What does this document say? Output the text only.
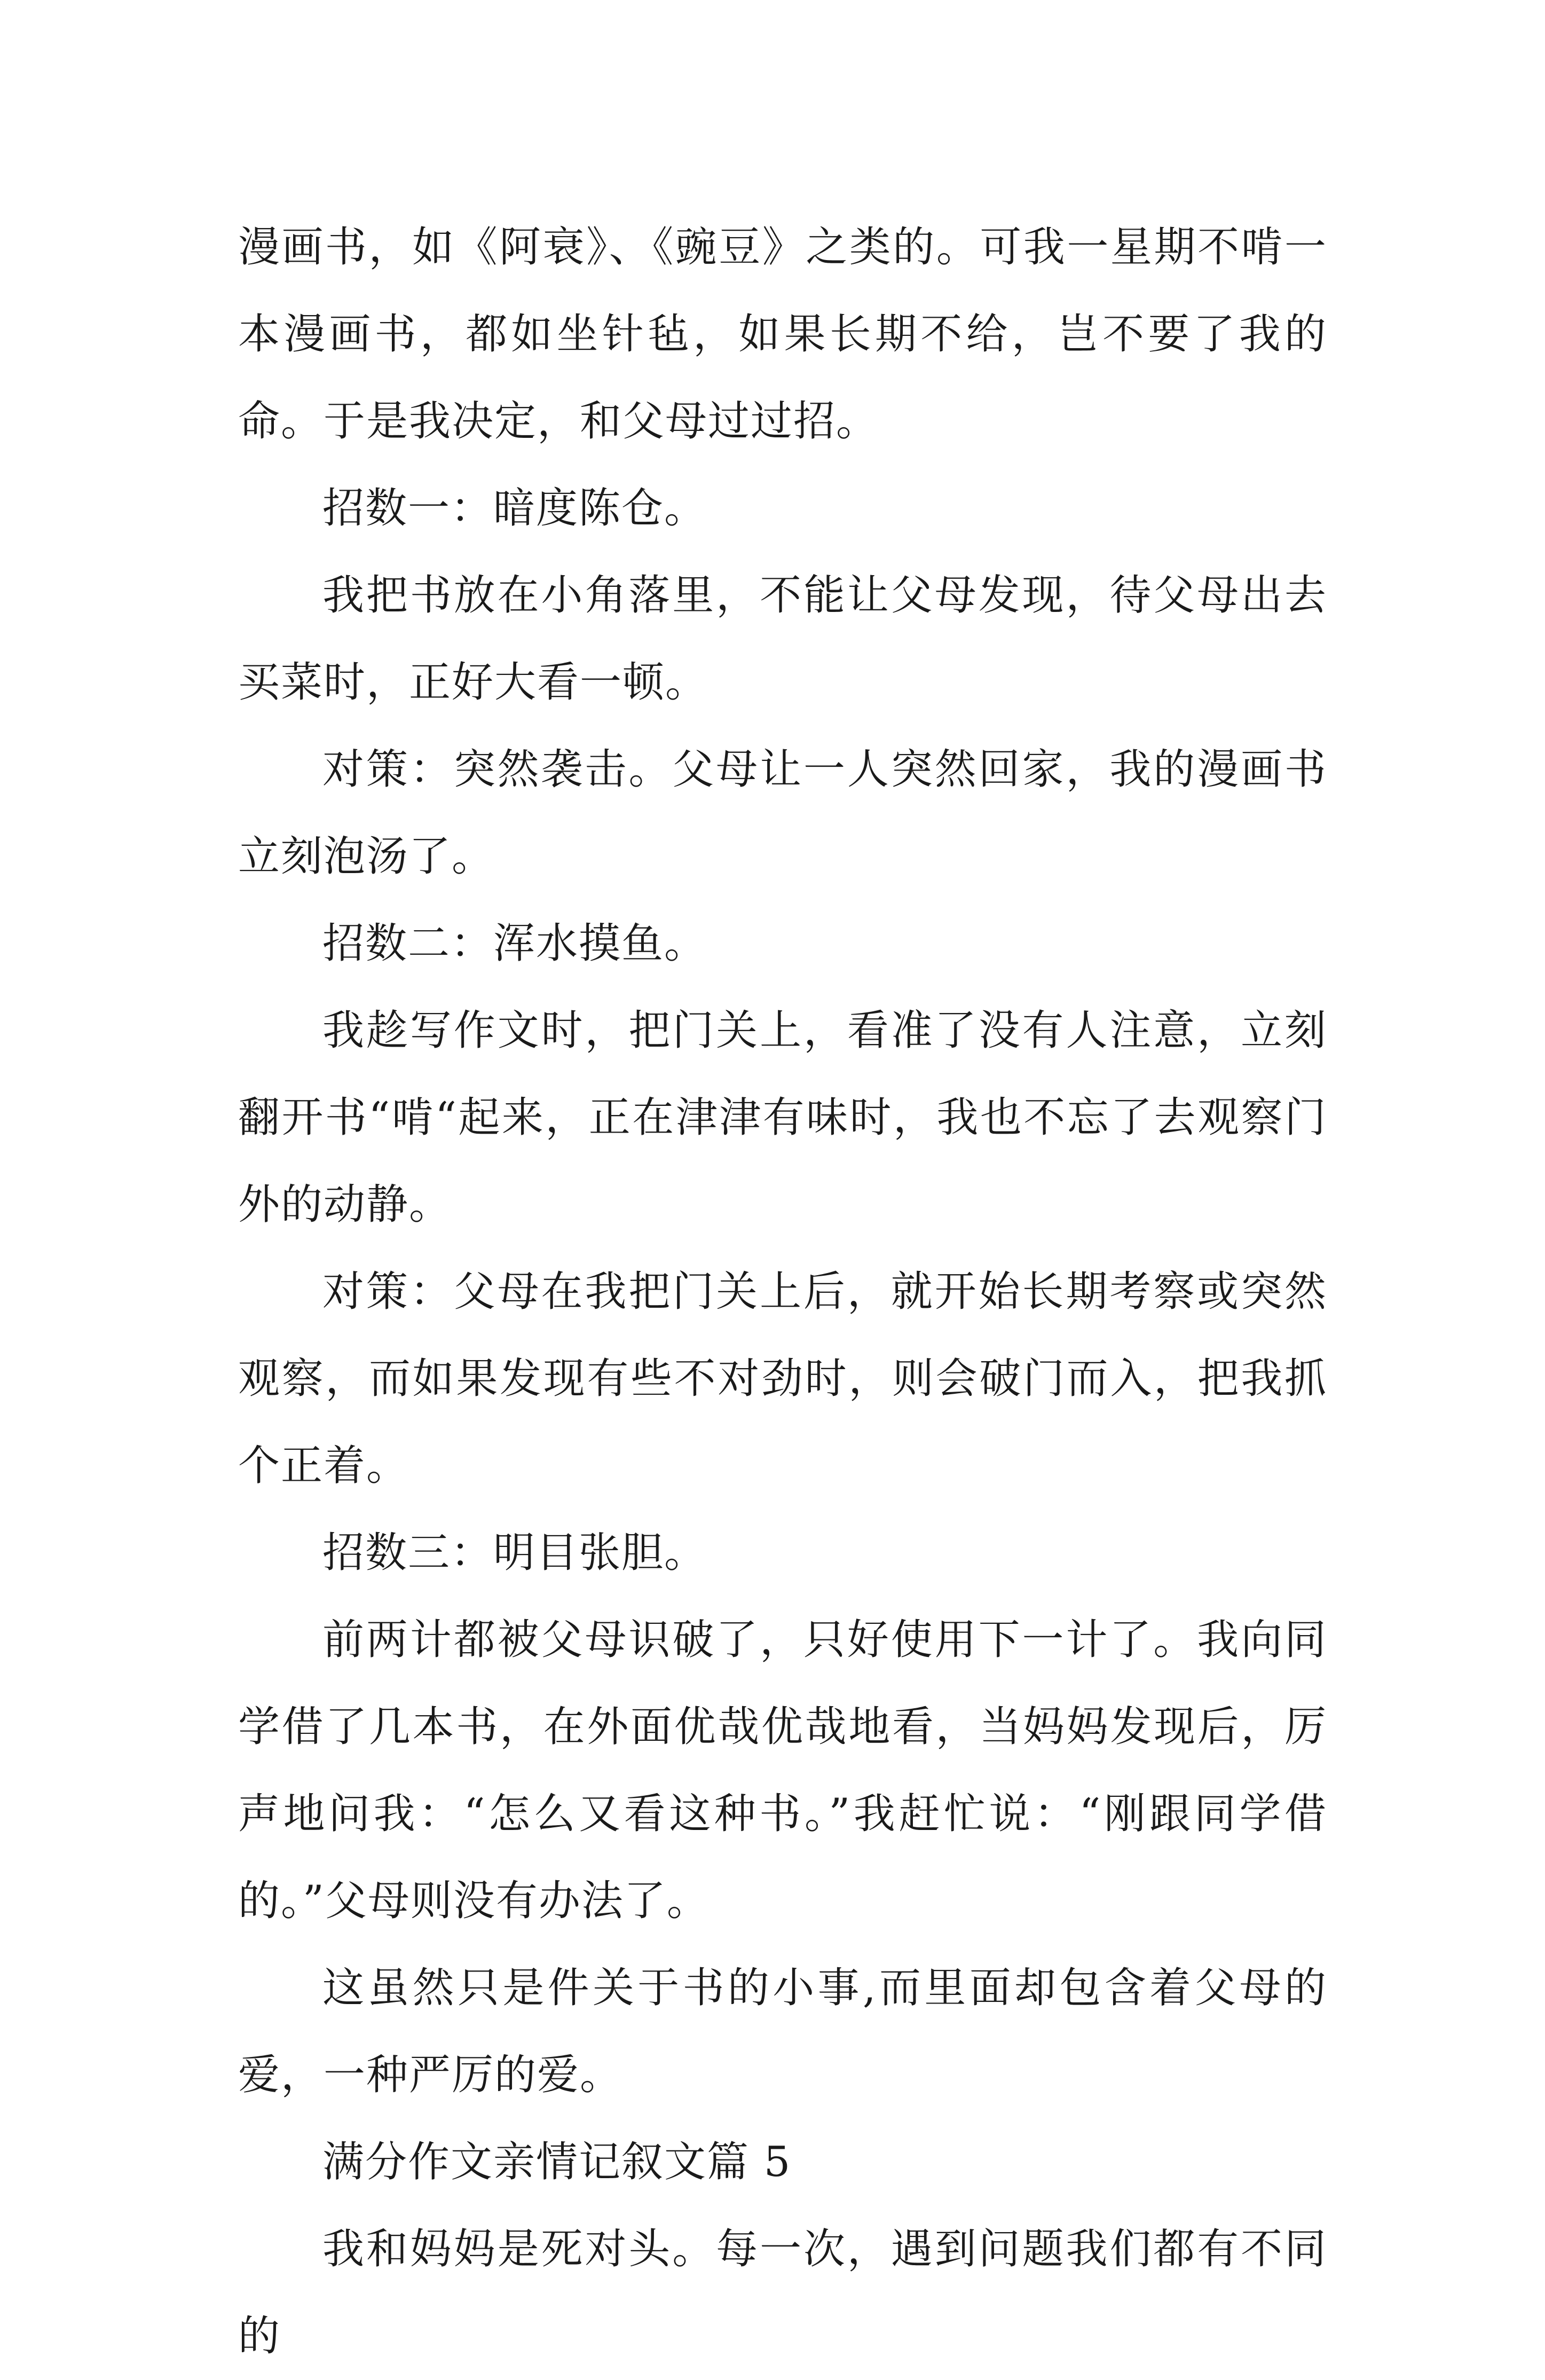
漫画书，如《阿衰》、《豌豆》之类的。可我一星期不啃一本漫画书，都如坐针毡，如果长期不给，岂不要了我的命。于是我决定，和父母过过招。

招数一：暗度陈仓。

我把书放在小角落里，不能让父母发现，待父母出去买菜时，正好大看一顿。

对策：突然袭击。父母让一人突然回家，我的漫画书立刻泡汤了。

招数二：浑水摸鱼。

我趁写作文时，把门关上，看准了没有人注意，立刻翻开书“啃“起来，正在津津有味时，我也不忘了去观察门外的动静。

对策：父母在我把门关上后，就开始长期考察或突然观察，而如果发现有些不对劲时，则会破门而入，把我抓个正着。

招数三：明目张胆。

前两计都被父母识破了，只好使用下一计了。我向同学借了几本书，在外面优哉优哉地看，当妈妈发现后，厉声地问我：“怎么又看这种书。”我赶忙说：“刚跟同学借的。”父母则没有办法了。

这虽然只是件关于书的小事,而里面却包含着父母的爱，一种严厉的爱。

满分作文亲情记叙文篇 5

我和妈妈是死对头。每一次，遇到问题我们都有不同的
